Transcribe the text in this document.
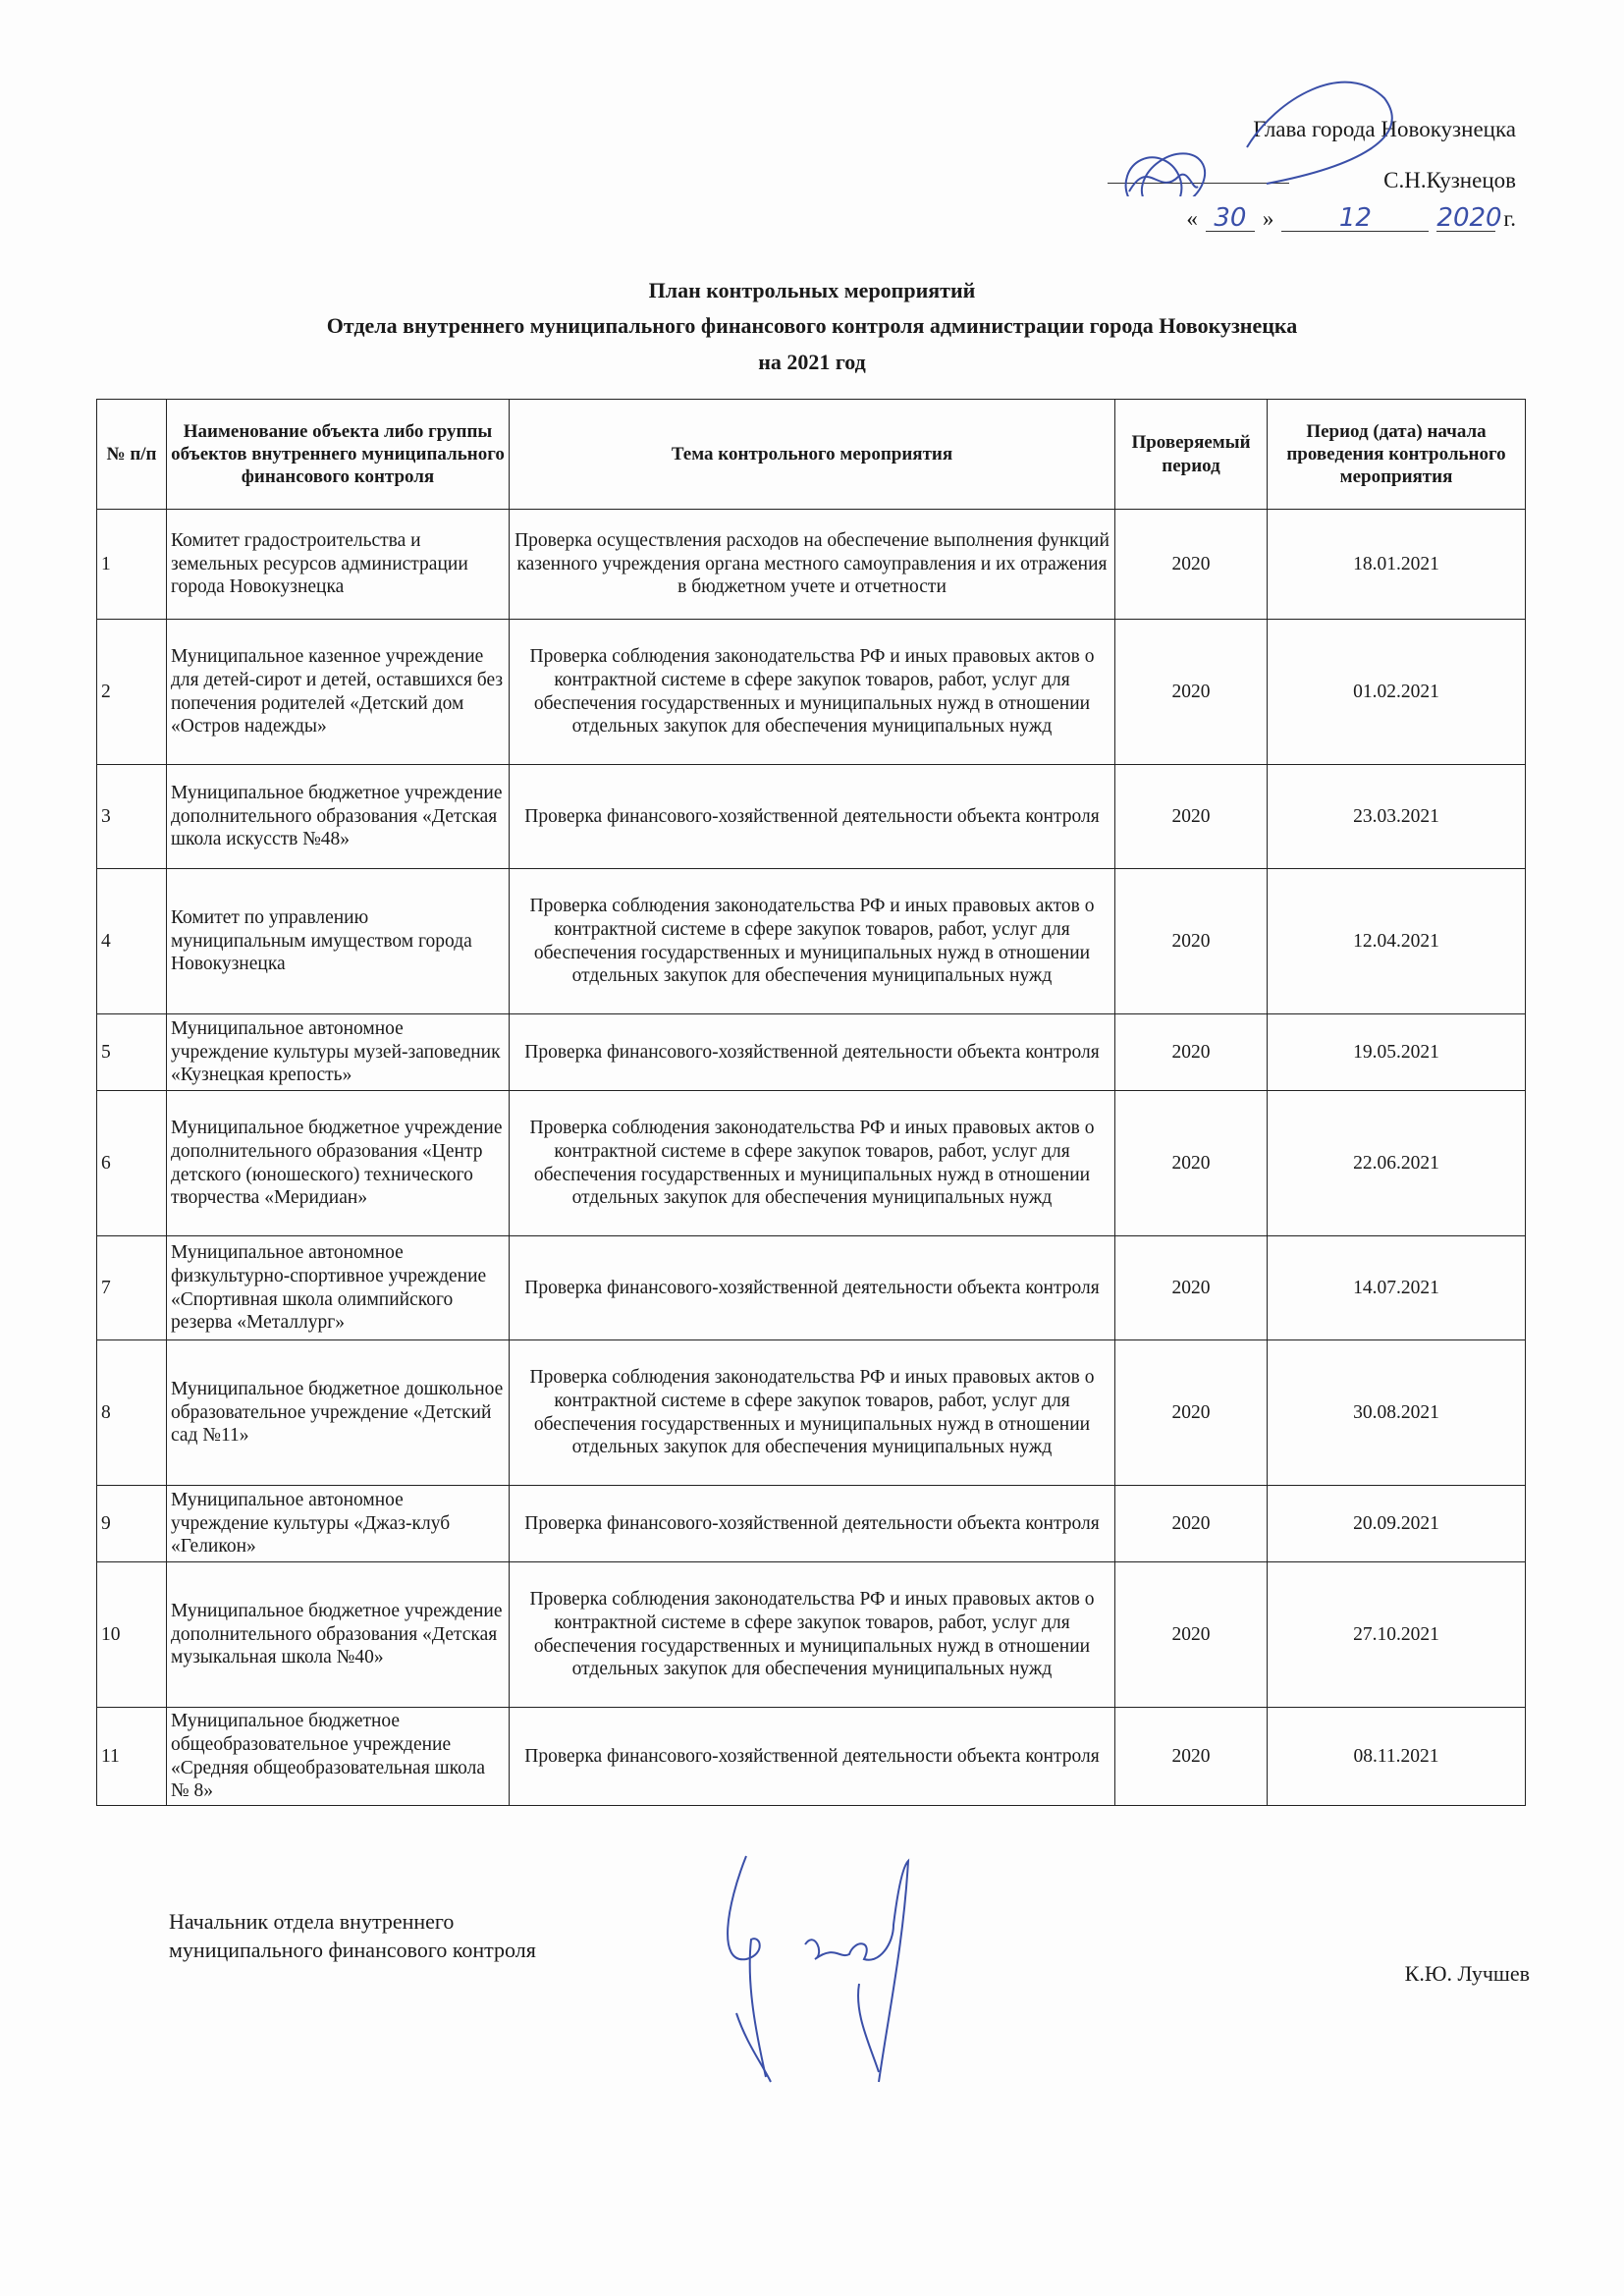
Глава города Новокузнецка
С.Н.Кузнецов
« 30 »	12	2020 г.
План контрольных мероприятий
Отдела внутреннего муниципального финансового контроля администрации города Новокузнецка
на 2021 год
№ п/п	Наименование объекта либо группы объектов внутреннего муниципального финансового контроля	Тема контрольного мероприятия	Проверяемый период	Период (дата) начала проведения контрольного мероприятия
1	Комитет градостроительства и земельных ресурсов администрации города Новокузнецка	Проверка осуществления расходов на обеспечение выполнения функций казенного учреждения органа местного самоуправления и их отражения в бюджетном учете и отчетности	2020	18.01.2021
2	Муниципальное казенное учреждение для детей-сирот и детей, оставшихся без попечения родителей «Детский дом «Остров надежды»	Проверка соблюдения законодательства РФ и иных правовых актов о контрактной системе в сфере закупок товаров, работ, услуг для обеспечения государственных и муниципальных нужд в отношении отдельных закупок для обеспечения муниципальных нужд	2020	01.02.2021
3	Муниципальное бюджетное учреждение дополнительного образования «Детская школа искусств №48»	Проверка финансового-хозяйственной деятельности объекта контроля	2020	23.03.2021
4	Комитет по управлению муниципальным имуществом города Новокузнецка	Проверка соблюдения законодательства РФ и иных правовых актов о контрактной системе в сфере закупок товаров, работ, услуг для обеспечения государственных и муниципальных нужд в отношении отдельных закупок для обеспечения муниципальных нужд	2020	12.04.2021
5	Муниципальное автономное учреждение культуры музей-заповедник «Кузнецкая крепость»	Проверка финансового-хозяйственной деятельности объекта контроля	2020	19.05.2021
6	Муниципальное бюджетное учреждение дополнительного образования «Центр детского (юношеского) технического творчества «Меридиан»	Проверка соблюдения законодательства РФ и иных правовых актов о контрактной системе в сфере закупок товаров, работ, услуг для обеспечения государственных и муниципальных нужд в отношении отдельных закупок для обеспечения муниципальных нужд	2020	22.06.2021
7	Муниципальное автономное физкультурно-спортивное учреждение «Спортивная школа олимпийского резерва «Металлург»	Проверка финансового-хозяйственной деятельности объекта контроля	2020	14.07.2021
8	Муниципальное бюджетное дошкольное образовательное учреждение «Детский сад №11»	Проверка соблюдения законодательства РФ и иных правовых актов о контрактной системе в сфере закупок товаров, работ, услуг для обеспечения государственных и муниципальных нужд в отношении отдельных закупок для обеспечения муниципальных нужд	2020	30.08.2021
9	Муниципальное автономное учреждение культуры «Джаз-клуб «Геликон»	Проверка финансового-хозяйственной деятельности объекта контроля	2020	20.09.2021
10	Муниципальное бюджетное учреждение дополнительного образования «Детская музыкальная школа №40»	Проверка соблюдения законодательства РФ и иных правовых актов о контрактной системе в сфере закупок товаров, работ, услуг для обеспечения государственных и муниципальных нужд в отношении отдельных закупок для обеспечения муниципальных нужд	2020	27.10.2021
11	Муниципальное бюджетное общеобразовательное учреждение «Средняя общеобразовательная школа № 8»	Проверка финансового-хозяйственной деятельности объекта контроля	2020	08.11.2021
Начальник отдела внутреннего муниципального финансового контроля
К.Ю. Лучшев
